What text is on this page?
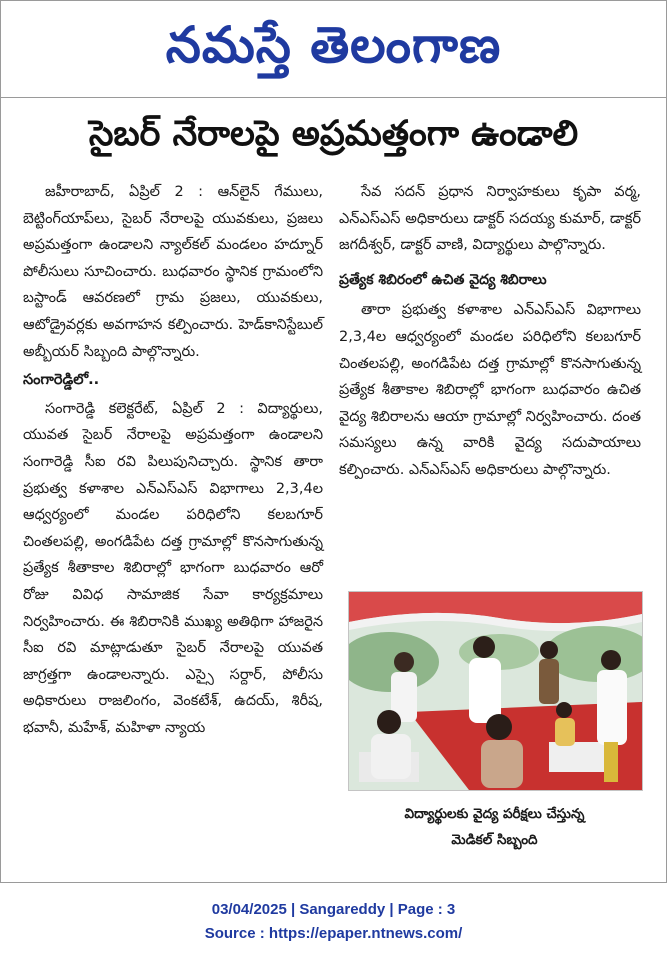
నమస్తే తెలంగాణ
సైబర్ నేరాలపై అప్రమత్తంగా ఉండాలి

జహీరాబాద్, ఏప్రిల్ 2 : ఆన్‌లైన్ గేములు, బెట్టింగ్‌యాప్‌లు, సైబర్ నేరాలపై యువకులు, ప్రజలు అప్రమత్తంగా ఉండాలని న్యాల్‌కల్ మండలం హద్నూర్ పోలీసులు సూచించారు. బుధవారం స్థానిక గ్రామంలోని బస్టాండ్ ఆవరణలో గ్రామ ప్రజలు, యువకులు, ఆటోడ్రైవర్లకు అవగాహన కల్పించారు. హెడ్‌కానిస్టేబుల్ అబ్బీయర్ సిబ్బంది పాల్గొన్నారు.

సంగారెడ్డిలో..

సంగారెడ్డి కలెక్టరేట్, ఏప్రిల్ 2 : విద్యార్థులు, యువత సైబర్ నేరాలపై అప్రమత్తంగా ఉండాలని సంగారెడ్డి సీఐ రవి పిలుపునిచ్చారు. స్థానిక తారా ప్రభుత్వ కళాశాల ఎన్ఎస్ఎస్ విభాగాలు 2,3,4ల ఆధ్వర్యంలో మండల పరిధిలోని కలబగూర్ చింతలపల్లి, అంగడిపేట దత్త గ్రామాల్లో కొనసాగుతున్న ప్రత్యేక శీతాకాల శిబిరాల్లో భాగంగా బుధవారం ఆరో రోజు వివిధ సామాజిక సేవా కార్యక్రమాలు నిర్వహించారు. ఈ శిబిరానికి ముఖ్య అతిథిగా హాజరైన సీఐ రవి మాట్లాడుతూ సైబర్ నేరాలపై యువత జాగ్రత్తగా ఉండాలన్నారు. ఎస్సై సర్దార్, పోలీసు అధికారులు రాజలింగం, వెంకటేశ్, ఉదయ్, శిరీష, భవానీ, మహేశ్, మహిళా న్యాయ

సేవ సదన్ ప్రధాన నిర్వాహకులు కృపా వర్మ, ఎన్ఎస్ఎస్ అధికారులు డాక్టర్ సదయ్య కుమార్, డాక్టర్ జగదీశ్వర్, డాక్టర్ వాణి, విద్యార్థులు పాల్గొన్నారు.

ప్రత్యేక శిబిరంలో ఉచిత వైద్య శిబిరాలు

తారా ప్రభుత్వ కళాశాల ఎన్ఎస్ఎస్ విభాగాలు 2,3,4ల ఆధ్వర్యంలో మండల పరిధిలోని కలబగూర్ చింతలపల్లి, అంగడిపేట దత్త గ్రామాల్లో కొనసాగుతున్న ప్రత్యేక శీతాకాల శిబిరాల్లో భాగంగా బుధవారం ఉచిత వైద్య శిబిరాలను ఆయా గ్రామాల్లో నిర్వహించారు. దంత సమస్యలు ఉన్న వారికి వైద్య సదుపాయాలు కల్పించారు. ఎన్ఎస్ఎస్ అధికారులు పాల్గొన్నారు.

విద్యార్థులకు వైద్య పరీక్షలు చేస్తున్న
మెడికల్ సిబ్బంది
03/04/2025 | Sangareddy | Page : 3
Source : https://epaper.ntnews.com/
